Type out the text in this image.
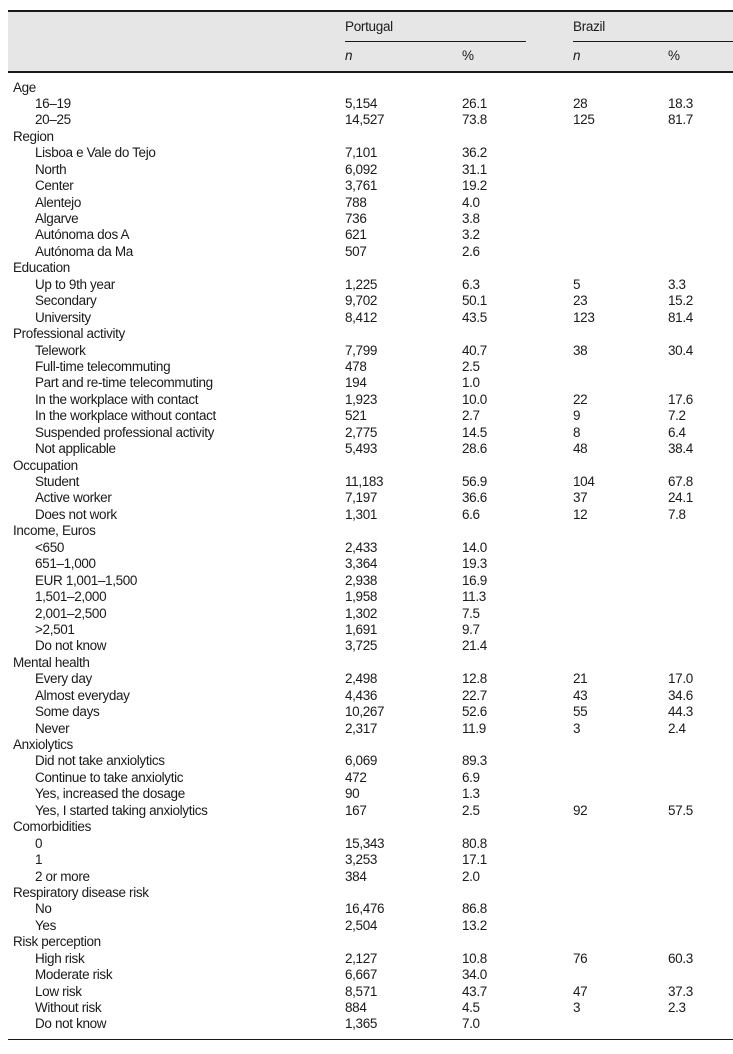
Portugal	Brazil
n	%	n	%
Age
16–19	5,154	26.1	28	18.3
20–25	14,527	73.8	125	81.7
Region
Lisboa e Vale do Tejo	7,101	36.2
North	6,092	31.1
Center	3,761	19.2
Alentejo	788	4.0
Algarve	736	3.8
Autónoma dos A	621	3.2
Autónoma da Ma	507	2.6
Education
Up to 9th year	1,225	6.3	5	3.3
Secondary	9,702	50.1	23	15.2
University	8,412	43.5	123	81.4
Professional activity
Telework	7,799	40.7	38	30.4
Full-time telecommuting	478	2.5
Part and re-time telecommuting	194	1.0
In the workplace with contact	1,923	10.0	22	17.6
In the workplace without contact	521	2.7	9	7.2
Suspended professional activity	2,775	14.5	8	6.4
Not applicable	5,493	28.6	48	38.4
Occupation
Student	11,183	56.9	104	67.8
Active worker	7,197	36.6	37	24.1
Does not work	1,301	6.6	12	7.8
Income, Euros
<650	2,433	14.0
651–1,000	3,364	19.3
EUR 1,001–1,500	2,938	16.9
1,501–2,000	1,958	11.3
2,001–2,500	1,302	7.5
>2,501	1,691	9.7
Do not know	3,725	21.4
Mental health
Every day	2,498	12.8	21	17.0
Almost everyday	4,436	22.7	43	34.6
Some days	10,267	52.6	55	44.3
Never	2,317	11.9	3	2.4
Anxiolytics
Did not take anxiolytics	6,069	89.3
Continue to take anxiolytic	472	6.9
Yes, increased the dosage	90	1.3
Yes, I started taking anxiolytics	167	2.5	92	57.5
Comorbidities
0	15,343	80.8
1	3,253	17.1
2 or more	384	2.0
Respiratory disease risk
No	16,476	86.8
Yes	2,504	13.2
Risk perception
High risk	2,127	10.8	76	60.3
Moderate risk	6,667	34.0
Low risk	8,571	43.7	47	37.3
Without risk	884	4.5	3	2.3
Do not know	1,365	7.0
